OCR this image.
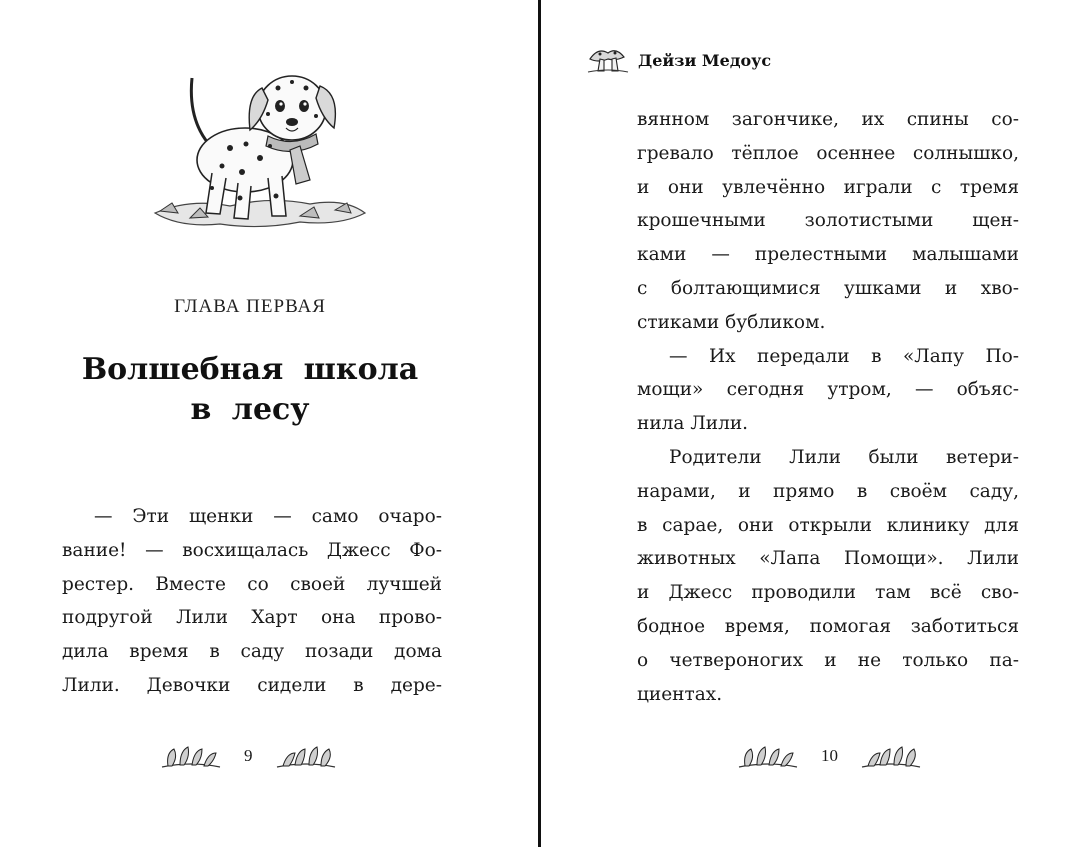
ГЛАВА ПЕРВАЯ
Волшебная школа
в лесу
— Эти щенки — само очаро-
вание! — восхищалась Джесс Фо-
рестер. Вместе со своей лучшей
подругой Лили Харт она прово-
дила время в саду позади дома
Лили. Девочки сидели в дере-
9
Дейзи Медоус
вянном загончике, их спины со-
гревало тёплое осеннее солнышко,
и они увлечённо играли с тремя
крошечными золотистыми щен-
ками — прелестными малышами
с болтающимися ушками и хво-
стиками бубликом.
— Их передали в «Лапу По-
мощи» сегодня утром, — объяс-
нила Лили.
Родители Лили были ветери-
нарами, и прямо в своём саду,
в сарае, они открыли клинику для
животных «Лапа Помощи». Лили
и Джесс проводили там всё сво-
бодное время, помогая заботиться
о четвероногих и не только па-
циентах.
10
